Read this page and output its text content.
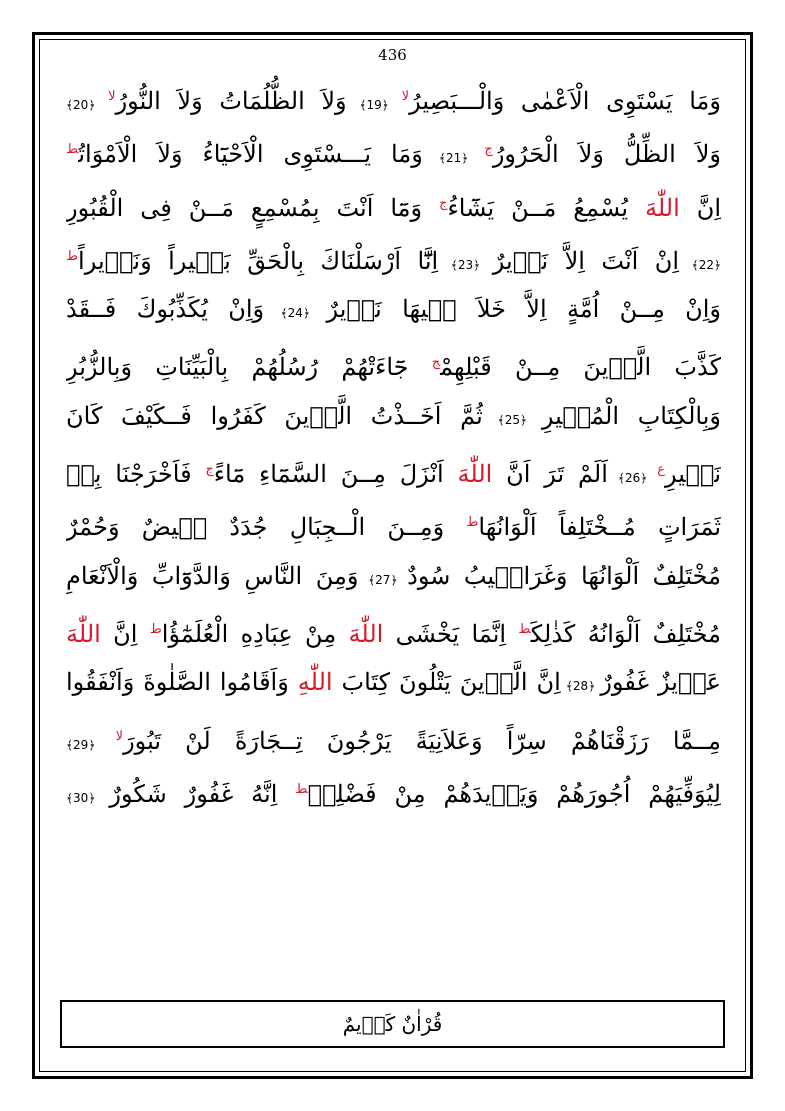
436
وَمَا يَسْتَوِى الْاَعْمٰى وَالْـــبَصِيرُ$^{لا}$ ﴿19﴾ وَلاَ الظُّلُمَاتُ وَلاَ النُّورُ$^{لا}$ ﴿20﴾
وَلاَ الظِّلُّ وَلاَ الْحَرُورُ$^ج$ ﴿21﴾ وَمَا يَـــسْتَوِى الْاَحْيَٓاءُ وَلاَ الْاَمْوَاتُ$^ط$
اِنَّ اللّٰهَ يُسْمِعُ مَــنْ يَشَٓاءُ$^ج$ وَمَٓا اَنْتَ بِمُسْمِعٍ مَــنْ فِى الْقُبُورِ
﴿22﴾ اِنْ اَنْتَ اِلاَّ نَذٖيرٌ ﴿23﴾ اِنَّٓا اَرْسَلْنَاكَ بِالْحَقِّ بَشٖيراً وَنَذٖيراً$^ط$
وَاِنْ مِــنْ اُمَّةٍ اِلاَّ خَلاَ فٖيهَا نَذٖيرٌ ﴿24﴾ وَاِنْ يُكَذِّبُوكَ فَــقَدْ
كَذَّبَ الَّذٖينَ مِــنْ قَبْلِهِمْ$^ج$ جَٓاءَتْهُمْ رُسُلُهُمْ بِالْبَيِّنَاتِ وَبِالزُّبُرِ
وَبِالْكِتَابِ الْمُنٖيرِ ﴿25﴾ ثُمَّ اَخَــذْتُ الَّذٖينَ كَفَرُوا فَــكَيْفَ كَانَ
نَكٖيرِ$^ع$ ﴿26﴾ اَلَمْ تَرَ اَنَّ اللّٰهَ اَنْزَلَ مِــنَ السَّمَٓاءِ مَٓاءً$^ج$ فَاَخْرَجْنَا بِهٖ
ثَمَرَاتٍ مُــخْتَلِفاً اَلْوَانُهَا$^ط$ وَمِــنَ الْــجِبَالِ جُدَدٌ بٖيضٌ وَحُمْرٌ
مُخْتَلِفٌ اَلْوَانُهَا وَغَرَابٖيبُ سُودٌ ﴿27﴾ وَمِنَ النَّاسِ وَالدَّوَٓابِّ وَالْاَنْعَامِ
مُخْتَلِفٌ اَلْوَانُهُ كَذٰلِكَ$^ط$ اِنَّمَا يَخْشَى اللّٰهَ مِنْ عِبَادِهِ الْعُلَمٰٓؤُا$^ط$ اِنَّ اللّٰهَ
عَزٖيزٌ غَفُورٌ ﴿28﴾ اِنَّ الَّذٖينَ يَتْلُونَ كِتَابَ اللّٰهِ وَاَقَامُوا الصَّلٰوةَ وَاَنْفَقُوا
مِــمَّا رَزَقْنَاهُمْ سِرّاً وَعَلاَنِيَةً يَرْجُونَ تِــجَارَةً لَنْ تَبُورَ$^{لا}$ ﴿29﴾
لِيُوَفِّيَهُمْ اُجُورَهُمْ وَيَزٖيدَهُمْ مِنْ فَضْلِهٖ$^ط$ اِنَّهُ غَفُورٌ شَكُورٌ ﴿30﴾
قُرْاٰنٌ كَرٖيمٌ
